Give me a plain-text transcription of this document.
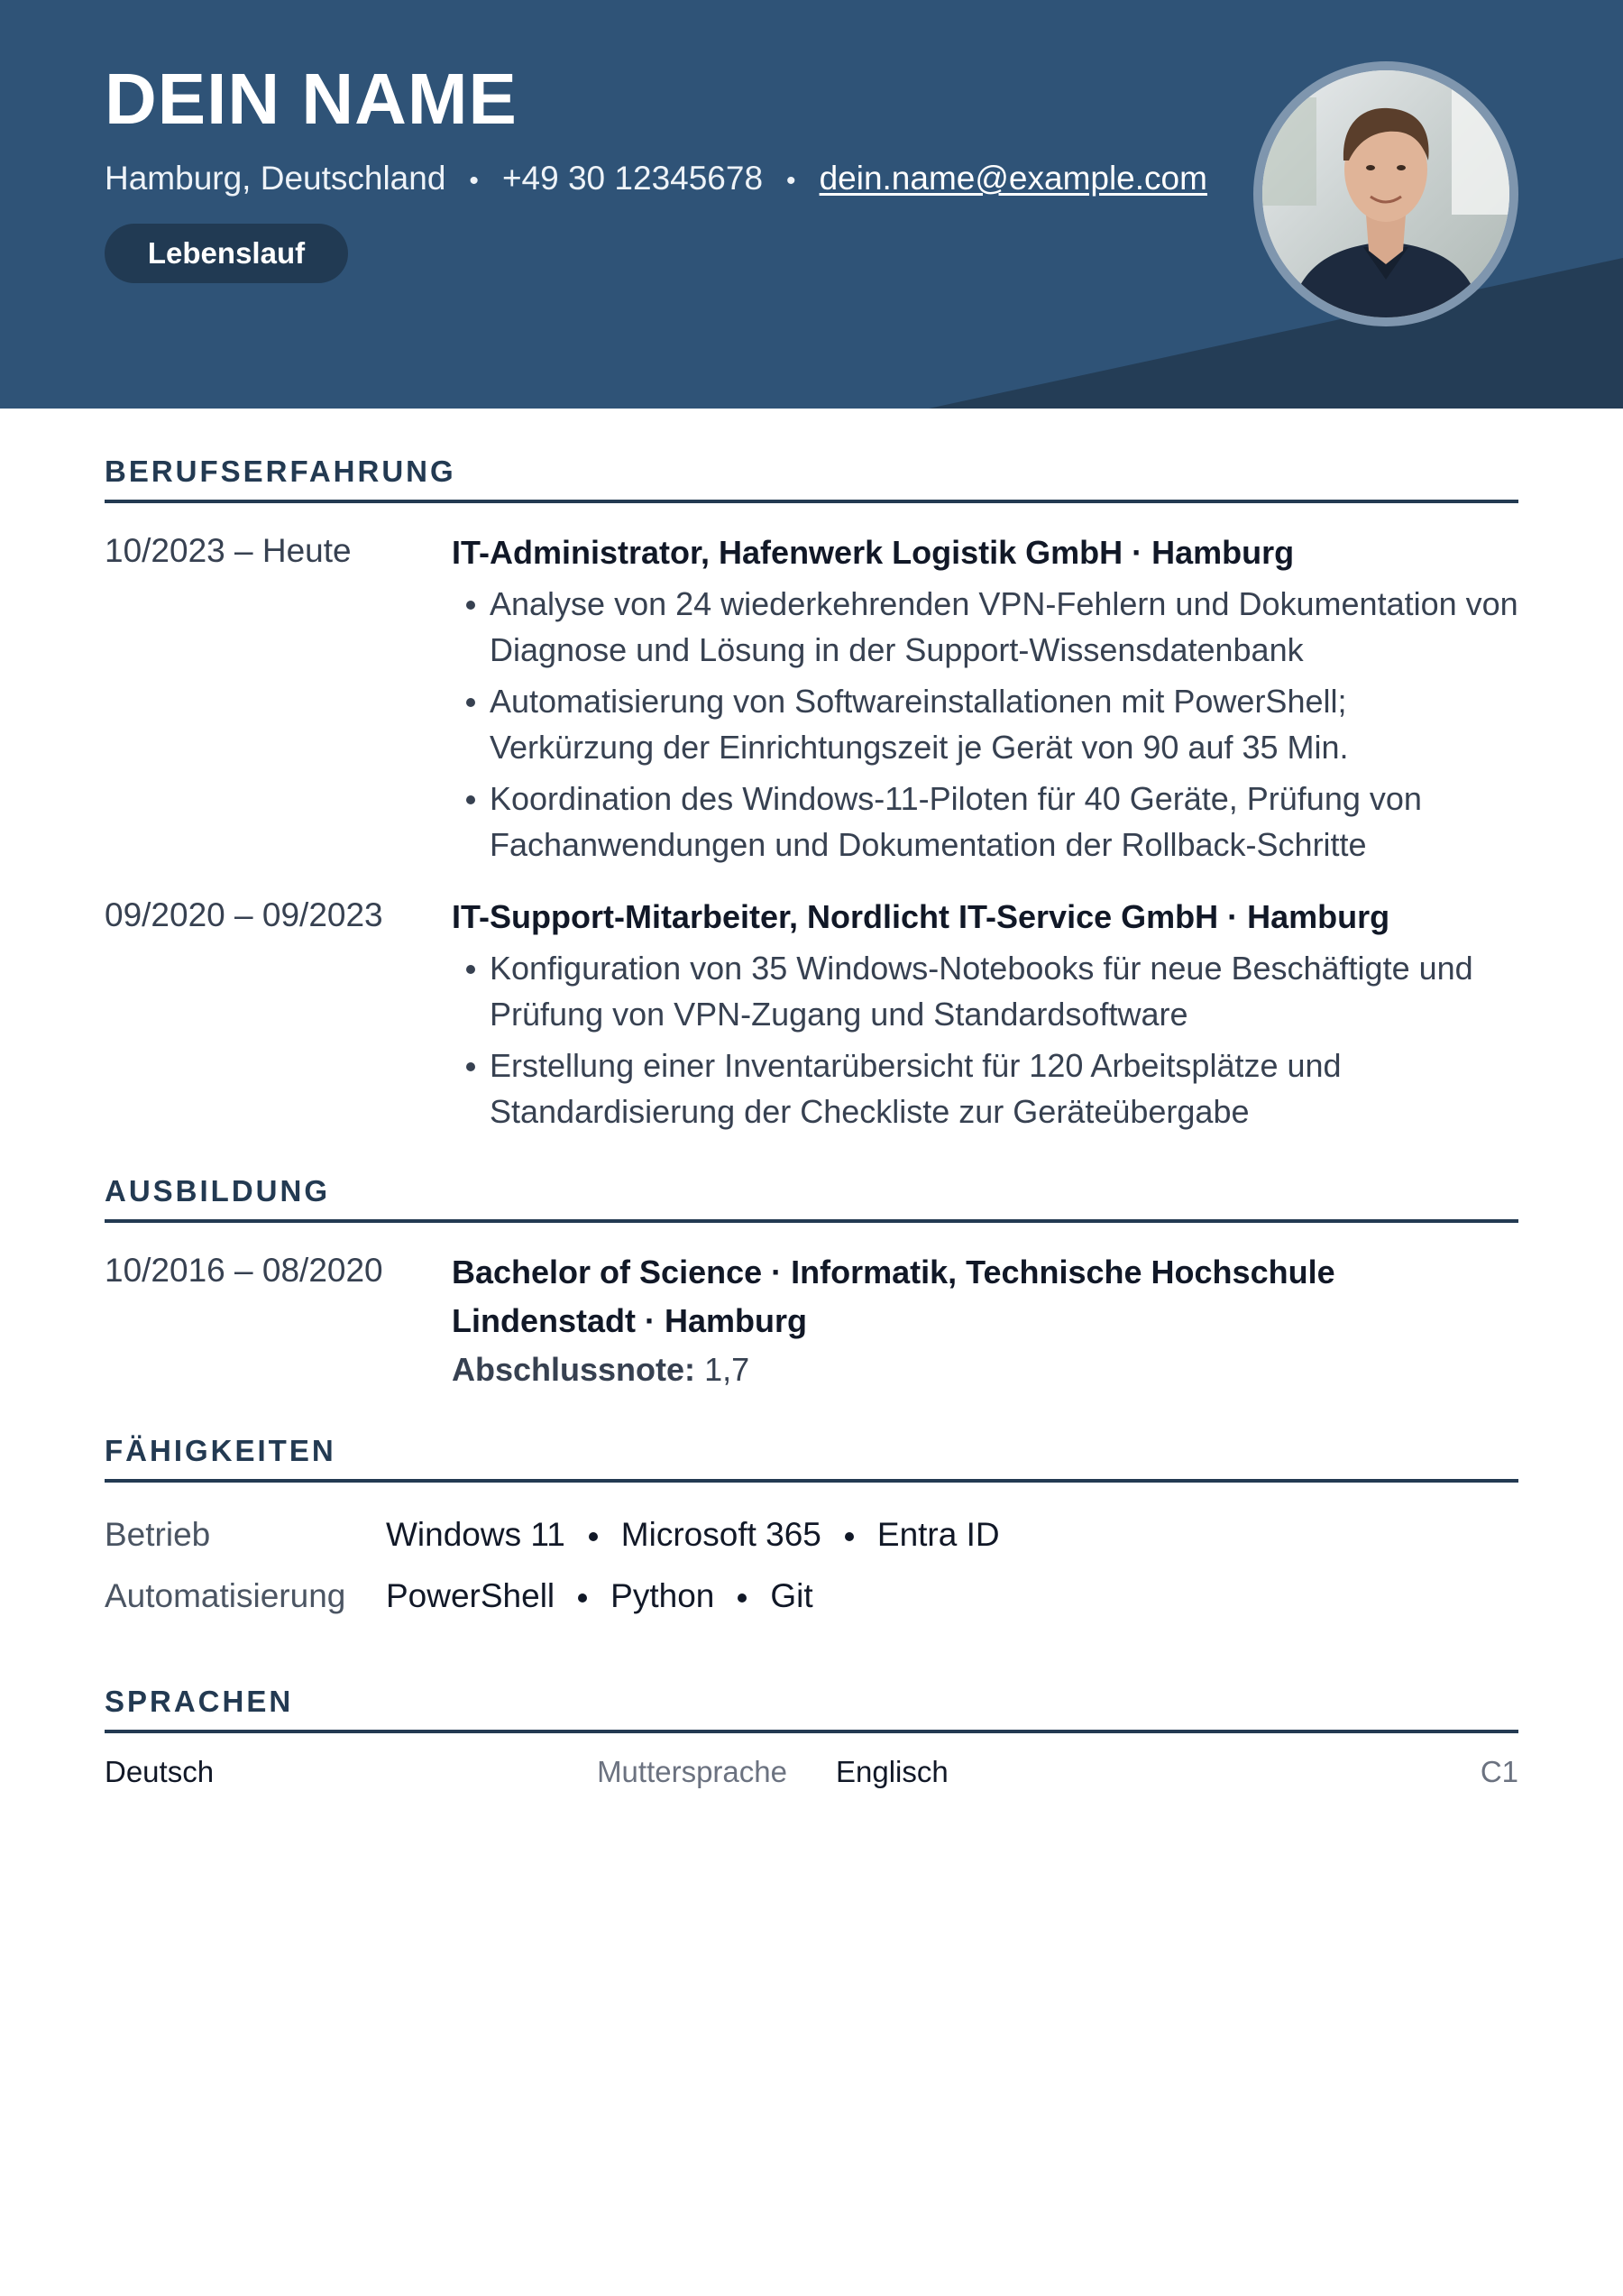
DEIN NAME
Hamburg, Deutschland • +49 30 12345678 • dein.name@example.com
Lebenslauf
BERUFSERFAHRUNG
10/2023 – Heute	IT-Administrator, Hafenwerk Logistik GmbH · Hamburg

Analyse von 24 wiederkehrenden VPN-Fehlern und Dokumentation von Diagnose und Lösung in der Support-Wissensdatenbank
Automatisierung von Softwareinstallationen mit PowerShell; Verkürzung der Einrichtungszeit je Gerät von 90 auf 35 Min.
Koordination des Windows-11-Piloten für 40 Geräte, Prüfung von Fachanwendungen und Dokumentation der Rollback-Schritte
09/2020 – 09/2023	IT-Support-Mitarbeiter, Nordlicht IT-Service GmbH · Hamburg

Konfiguration von 35 Windows-Notebooks für neue Beschäftigte und Prüfung von VPN-Zugang und Standardsoftware
Erstellung einer Inventarübersicht für 120 Arbeitsplätze und Standardisierung der Checkliste zur Geräteübergabe
AUSBILDUNG
10/2016 – 08/2020	Bachelor of Science · Informatik, Technische Hochschule Lindenstadt · Hamburg

Abschlussnote: 1,7

FÄHIGKEITEN
Betrieb	Windows 11 Microsoft 365 Entra ID
Automatisierung	PowerShell Python Git
SPRACHEN
Deutsch	Muttersprache Englisch	C1
